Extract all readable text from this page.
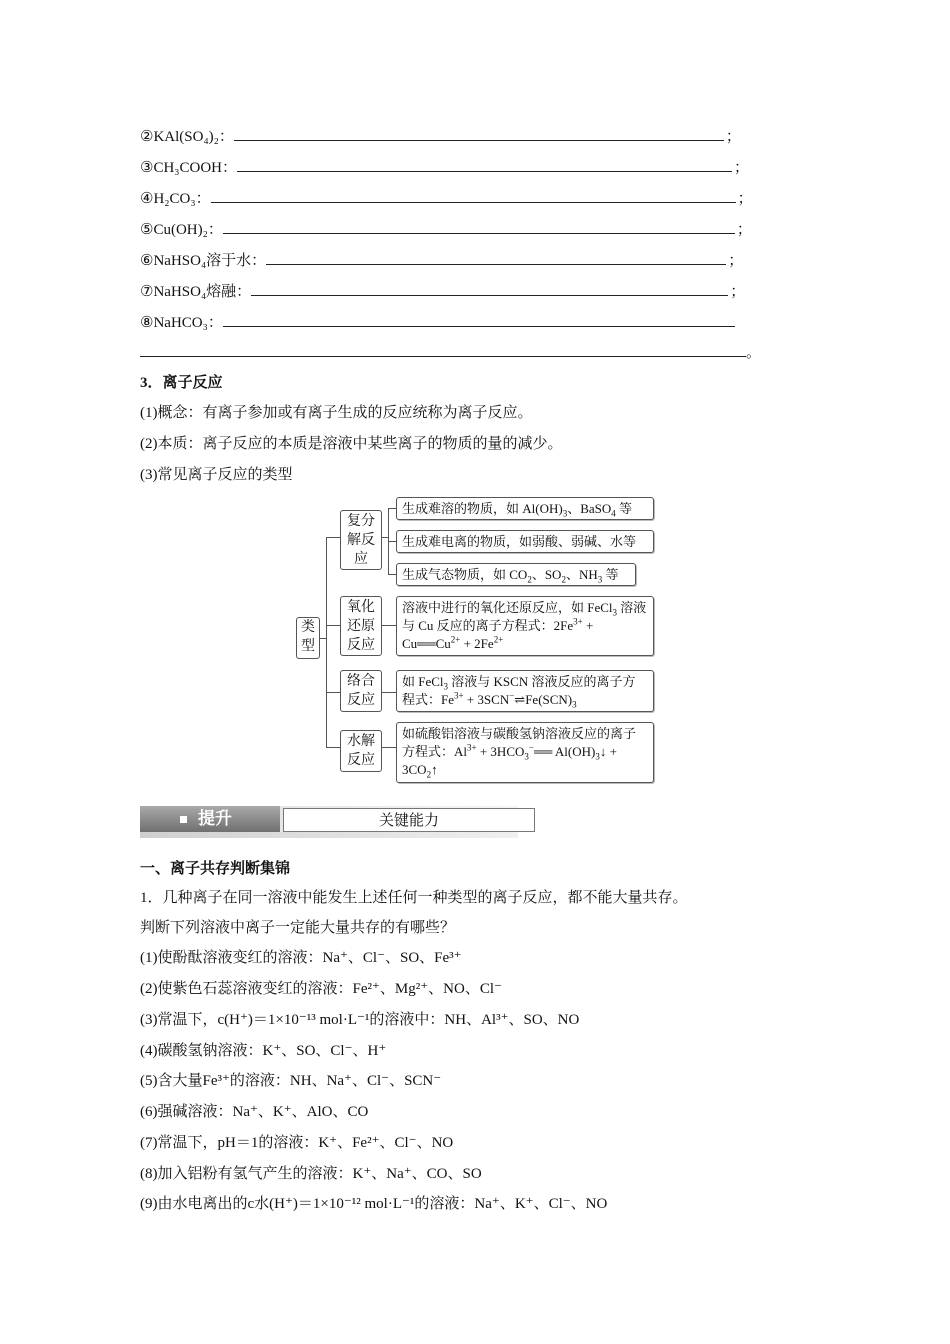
②KAl(SO₄)₂：	；
③CH₃COOH：	；
④H₂CO₃：	；
⑤Cu(OH)₂：	；
⑥NaHSO₄溶于水：	；
⑦NaHSO₄熔融：	；
⑧NaHCO₃：
。
3．离子反应
(1)概念：有离子参加或有离子生成的反应统称为离子反应。
(2)本质：离子反应的本质是溶液中某些离子的物质的量的减少。
(3)常见离子反应的类型
类型
复分
解反
应
氧化
还原
反应
络合
反应
水解
反应
生成难溶的物质，如 $Al(OH)_3$、BaSO$_4$ 等
生成难电离的物质，如弱酸、弱碱、水等
生成气态物质，如 $CO_2$、$SO_2$、$NH_3$ 等
溶液中进行的氧化还原反应，如 FeCl$_3$ 溶液与 Cu 反应的离子方程式：$2Fe^{3+}$ + $Cu══Cu^{2+} + 2Fe^{2+}$
如 FeCl$_3$ 溶液与 KSCN 溶液反应的离子方程式：$Fe^{3+}$ + $3SCN^-\rightleftharpoons Fe(SCN)_3$
如硫酸铝溶液与碳酸氢钠溶液反应的离子方程式：$Al^{3+}$ + $3HCO_3^-══$ $Al(OH)_3↓$ + $3CO_2↑$
提升	关键能力
一、离子共存判断集锦
1．几种离子在同一溶液中能发生上述任何一种类型的离子反应，都不能大量共存。
判断下列溶液中离子一定能大量共存的有哪些？
(1)使酚酞溶液变红的溶液：Na⁺、Cl⁻、SO、Fe³⁺
(2)使紫色石蕊溶液变红的溶液：Fe²⁺、Mg²⁺、NO、Cl⁻
(3)常温下，c(H⁺)＝1×10⁻¹³ mol·L⁻¹的溶液中：NH、Al³⁺、SO、NO
(4)碳酸氢钠溶液：K⁺、SO、Cl⁻、H⁺
(5)含大量Fe³⁺的溶液：NH、Na⁺、Cl⁻、SCN⁻
(6)强碱溶液：Na⁺、K⁺、AlO、CO
(7)常温下，pH＝1的溶液：K⁺、Fe²⁺、Cl⁻、NO
(8)加入铝粉有氢气产生的溶液：K⁺、Na⁺、CO、SO
(9)由水电离出的c水(H⁺)＝1×10⁻¹² mol·L⁻¹的溶液：Na⁺、K⁺、Cl⁻、NO
